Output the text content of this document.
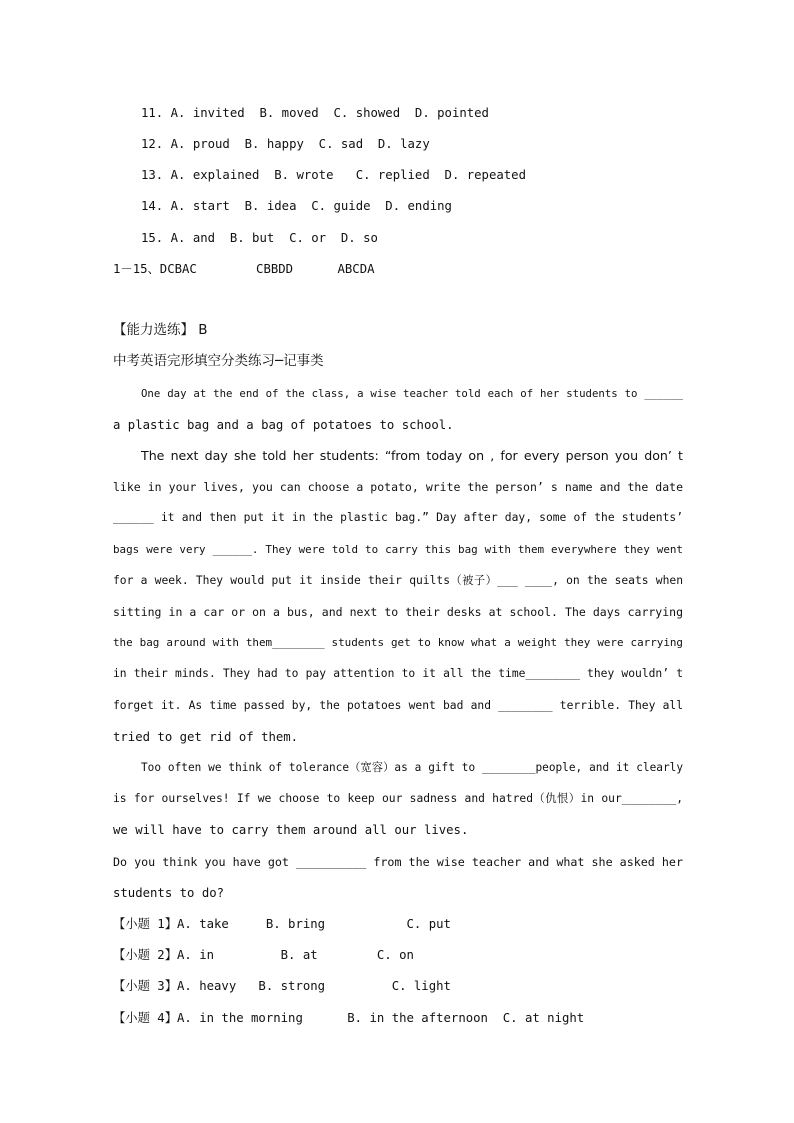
11. A. invited  B. moved  C. showed  D. pointed
12. A. proud  B. happy  C. sad  D. lazy
13. A. explained  B. wrote   C. replied  D. repeated
14. A. start  B. idea  C. guide  D. ending
15. A. and  B. but  C. or  D. so
1－15、DCBAC        CBBDD      ABCDA
【能力选练】 B
中考英语完形填空分类练习─记事类
One day at the end of the class, a wise teacher told each of her students to ______
a plastic bag and a bag of potatoes to school.
The next day she told her students: “from today on , for every person you don’ t
like in your lives, you can choose a potato, write the person’ s name and the date
______ it and then put it in the plastic bag.” Day after day, some of the students’
bags were very ______. They were told to carry this bag with them everywhere they went
for a week. They would put it inside their quilts（被子）___ ____, on the seats when
sitting in a car or on a bus, and next to their desks at school. The days carrying
the bag around with them________ students get to know what a weight they were carrying
in their minds. They had to pay attention to it all the time________ they wouldn’ t
forget it. As time passed by, the potatoes went bad and ________ terrible. They all
tried to get rid of them.
Too often we think of tolerance（宽容）as a gift to ________people, and it clearly
is for ourselves! If we choose to keep our sadness and hatred（仇恨）in our________,
we will have to carry them around all our lives.
Do you think you have got __________ from the wise teacher and what she asked her
students to do?
【小题 1】A. take     B. bring           C. put
【小题 2】A. in         B. at        C. on
【小题 3】A. heavy   B. strong         C. light
【小题 4】A. in the morning      B. in the afternoon  C. at night
